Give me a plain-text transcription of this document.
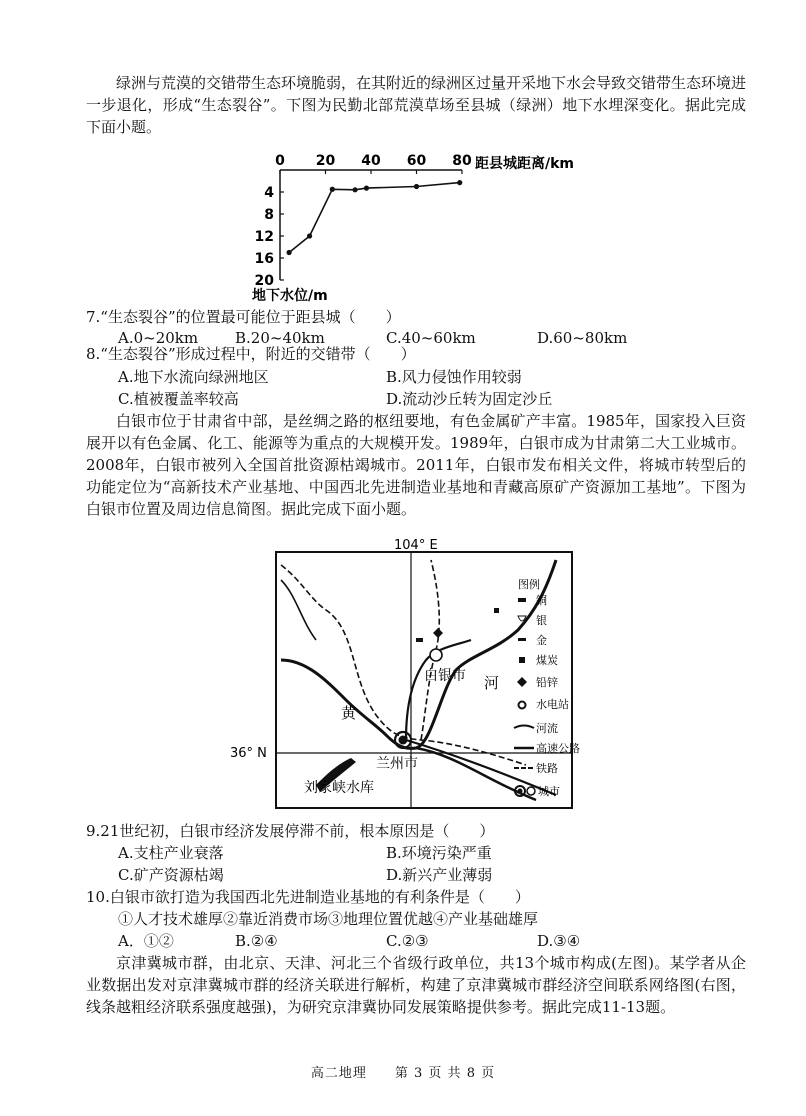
绿洲与荒漠的交错带生态环境脆弱，在其附近的绿洲区过量开采地下水会导致交错带生态环境进一步退化，形成“生态裂谷”。下图为民勤北部荒漠草场至县城（绿洲）地下水埋深变化。据此完成下面小题。
0 20 40 60 80
4
8
12
16
20
距县城距离/km
地下水位/m
7.“生态裂谷”的位置最可能位于距县城（　　）
A.0~20km B.20~40km	C.40~60km	D.60~80km
8.“生态裂谷”形成过程中，附近的交错带（　　）
A.地下水流向绿洲地区	B.风力侵蚀作用较弱
C.植被覆盖率较高	D.流动沙丘转为固定沙丘
白银市位于甘肃省中部，是丝绸之路的枢纽要地，有色金属矿产丰富。1985年，国家投入巨资展开以有色金属、化工、能源等为重点的大规模开发。1989年，白银市成为甘肃第二大工业城市。2008年，白银市被列入全国首批资源枯竭城市。2011年，白银市发布相关文件，将城市转型后的功能定位为“高新技术产业基地、中国西北先进制造业基地和青藏高原矿产资源加工基地”。下图为白银市位置及周边信息简图。据此完成下面小题。
104° E
36° N
白银市
兰州市
刘家峡水库
黄
河
图例
铜
银
金
煤炭
铅锌
水电站
河流
高速公路
铁路
城市
9.21世纪初，白银市经济发展停滞不前，根本原因是（　　）
A.支柱产业衰落	B.环境污染严重
C.矿产资源枯竭	D.新兴产业薄弱
10.白银市欲打造为我国西北先进制造业基地的有利条件是（　　）
①人才技术雄厚②靠近消费市场③地理位置优越④产业基础雄厚
A．①②	B.②④	C.②③	D.③④
京津冀城市群，由北京、天津、河北三个省级行政单位，共13个城市构成(左图)。某学者从企业数据出发对京津冀城市群的经济关联进行解析，构建了京津冀城市群经济空间联系网络图(右图，线条越粗经济联系强度越强)，为研究京津冀协同发展策略提供参考。据此完成11-13题。
高二地理　　第 3 页 共 8 页
